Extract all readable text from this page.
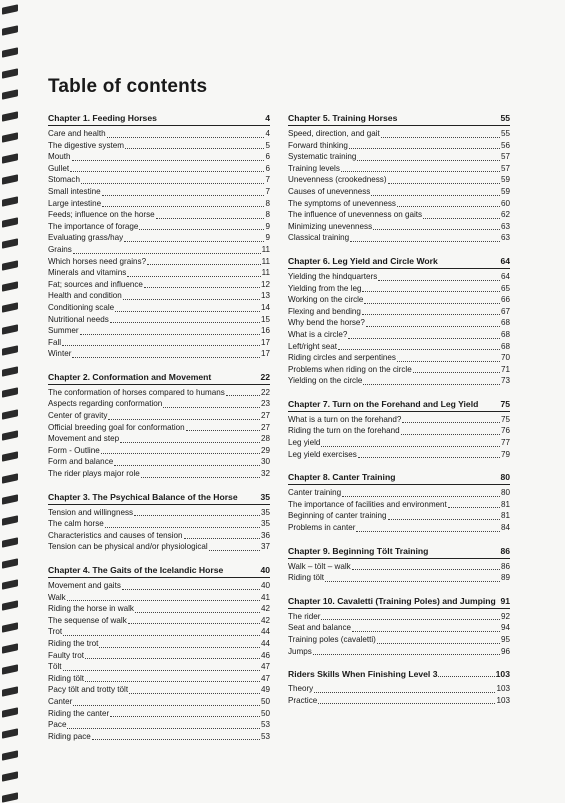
Table of contents
Chapter 1. Feeding Horses	4
Care and health	4
The digestive system	5
Mouth	6
Gullet	6
Stomach	7
Small intestine	7
Large intestine	8
Feeds; influence on the horse	8
The importance of forage	9
Evaluating grass/hay	9
Grains	11
Which horses need grains?	11
Minerals and vitamins	11
Fat; sources and influence	12
Health and condition	13
Conditioning scale	14
Nutritional needs	15
Summer	16
Fall	17
Winter	17
Chapter 2. Conformation and Movement	22
The conformation of horses compared to humans	22
Aspects regarding conformation	23
Center of gravity	27
Official breeding goal for conformation	27
Movement and step	28
Form - Outline	29
Form and balance	30
The rider plays major role	32
Chapter 3. The Psychical Balance of the Horse	35
Tension and willingness	35
The calm horse	35
Characteristics and causes of tension	36
Tension can be physical and/or physiological	37
Chapter 4. The Gaits of the Icelandic Horse	40
Movement and gaits	40
Walk	41
Riding the horse in walk	42
The sequense of walk	42
Trot	44
Riding the trot	44
Faulty trot	46
Tölt	47
Riding tölt	47
Pacy tölt and trotty tölt	49
Canter	50
Riding the canter	50
Pace	53
Riding pace	53
Chapter 5. Training Horses	55
Speed, direction, and gait	55
Forward thinking	56
Systematic training	57
Training levels	57
Unevenness (crookedness)	59
Causes of unevenness	59
The symptoms of unevenness	60
The influence of unevenness on gaits	62
Minimizing unevenness	63
Classical training	63
Chapter 6. Leg Yield and Circle Work	64
Yielding the hindquarters	64
Yielding from the leg	65
Working on the circle	66
Flexing and bending	67
Why bend the horse?	68
What is a circle?	68
Left/right seat	68
Riding circles and serpentines	70
Problems when riding on the circle	71
Yielding on the circle	73
Chapter 7. Turn on the Forehand and Leg Yield	75
What is a turn on the forehand?	75
Riding the turn on the forehand	76
Leg yield	77
Leg yield exercises	79
Chapter 8. Canter Training	80
Canter training	80
The importance of facilities and environment	81
Beginning of canter training	81
Problems in canter	84
Chapter 9. Beginning Tölt Training	86
Walk – tölt – walk	86
Riding tölt	89
Chapter 10. Cavaletti (Training Poles) and Jumping 91
The rider	92
Seat and balance	94
Training poles (cavaletti)	95
Jumps	96
Riders Skills When Finishing Level 3	103
Theory	103
Practice	103
